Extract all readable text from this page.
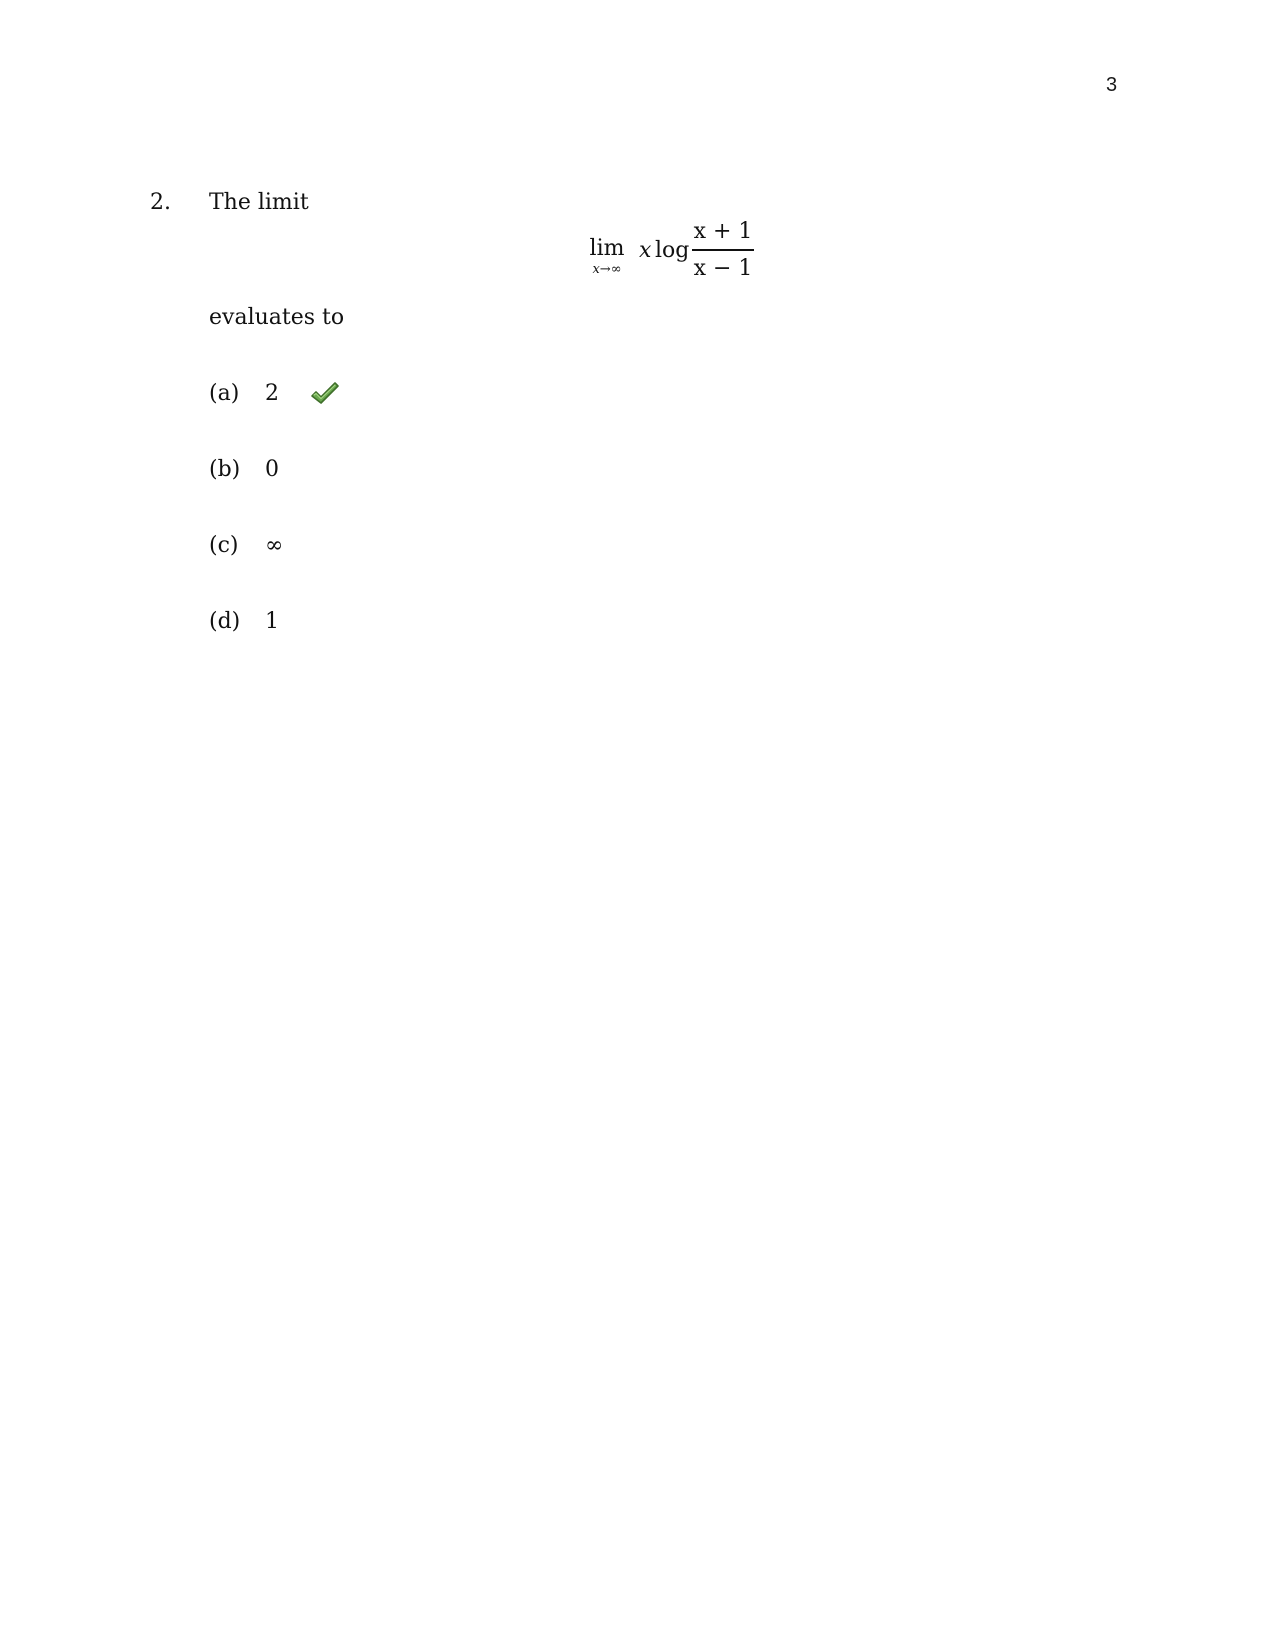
3
2. The limit
lim
x→∞
x log
x + 1
x − 1
evaluates to
(a) 2
(b) 0
(c) ∞
(d) 1
